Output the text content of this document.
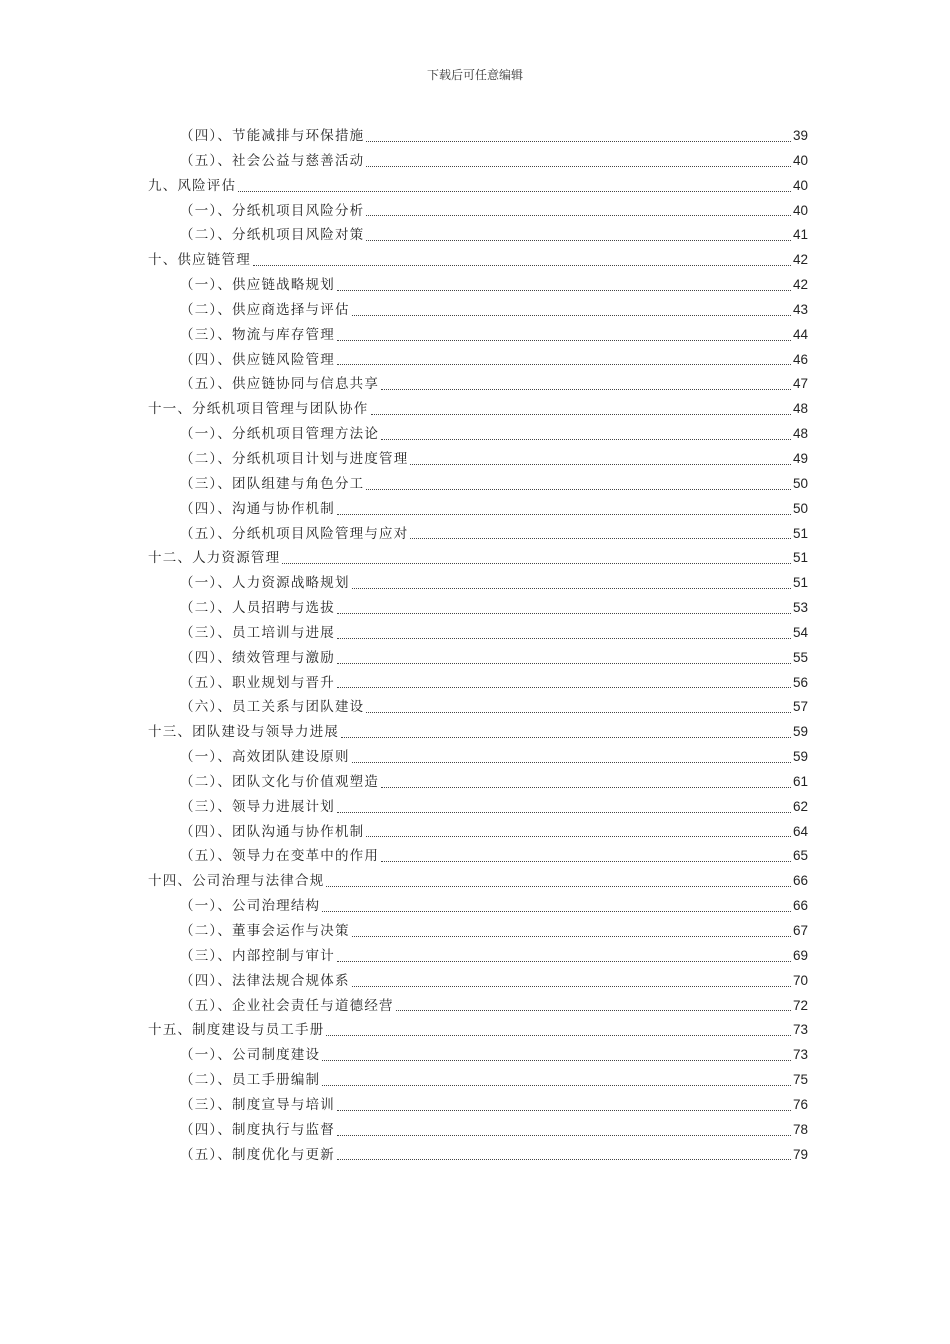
下载后可任意编辑
（四）、节能减排与环保措施	39
（五）、社会公益与慈善活动	40
九、风险评估	40
（一）、分纸机项目风险分析	40
（二）、分纸机项目风险对策	41
十、供应链管理	42
（一）、供应链战略规划	42
（二）、供应商选择与评估	43
（三）、物流与库存管理	44
（四）、供应链风险管理	46
（五）、供应链协同与信息共享	47
十一、分纸机项目管理与团队协作	48
（一）、分纸机项目管理方法论	48
（二）、分纸机项目计划与进度管理	49
（三）、团队组建与角色分工	50
（四）、沟通与协作机制	50
（五）、分纸机项目风险管理与应对	51
十二、人力资源管理	51
（一）、人力资源战略规划	51
（二）、人员招聘与选拔	53
（三）、员工培训与进展	54
（四）、绩效管理与激励	55
（五）、职业规划与晋升	56
（六）、员工关系与团队建设	57
十三、团队建设与领导力进展	59
（一）、高效团队建设原则	59
（二）、团队文化与价值观塑造	61
（三）、领导力进展计划	62
（四）、团队沟通与协作机制	64
（五）、领导力在变革中的作用	65
十四、公司治理与法律合规	66
（一）、公司治理结构	66
（二）、董事会运作与决策	67
（三）、内部控制与审计	69
（四）、法律法规合规体系	70
（五）、企业社会责任与道德经营	72
十五、制度建设与员工手册	73
（一）、公司制度建设	73
（二）、员工手册编制	75
（三）、制度宣导与培训	76
（四）、制度执行与监督	78
（五）、制度优化与更新	79
